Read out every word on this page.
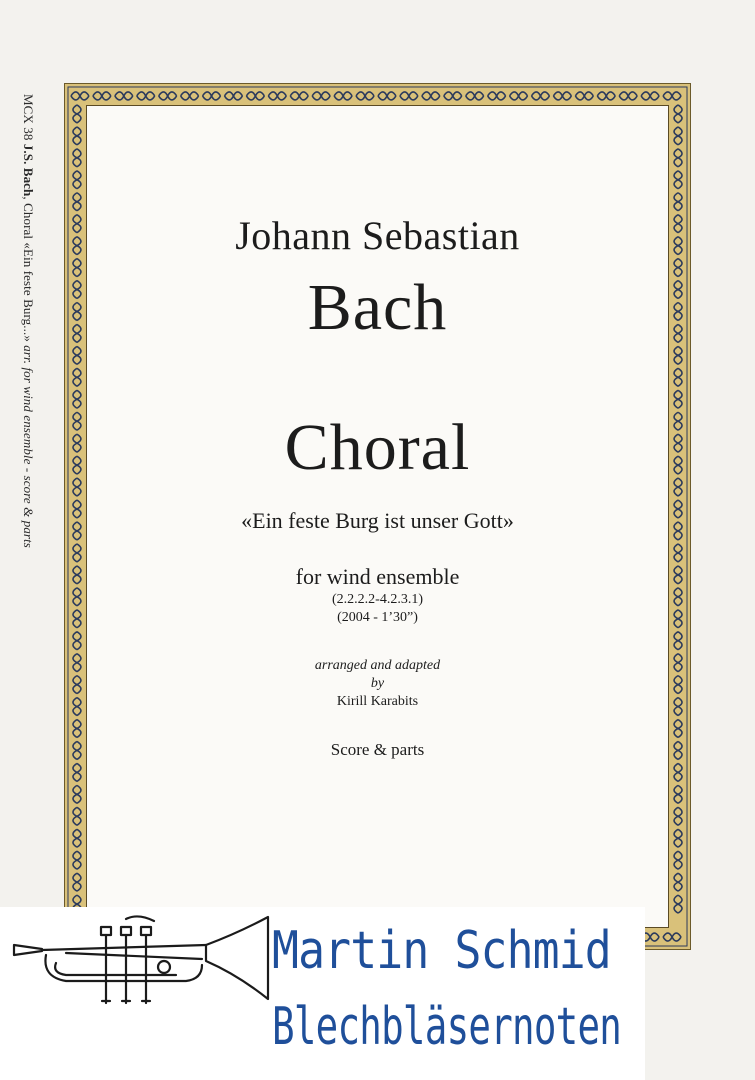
MCX 38 J.S. Bach, Choral «Ein feste Burg...» arr. for wind ensemble - score & parts
Johann Sebastian
Bach
Choral
«Ein feste Burg ist unser Gott»
for wind ensemble
(2.2.2.2-4.2.3.1)
(2004 - 1’30”)
arranged and adapted
by
Kirill Karabits
Score & parts
Martin Schmid
Blechbläsernoten
